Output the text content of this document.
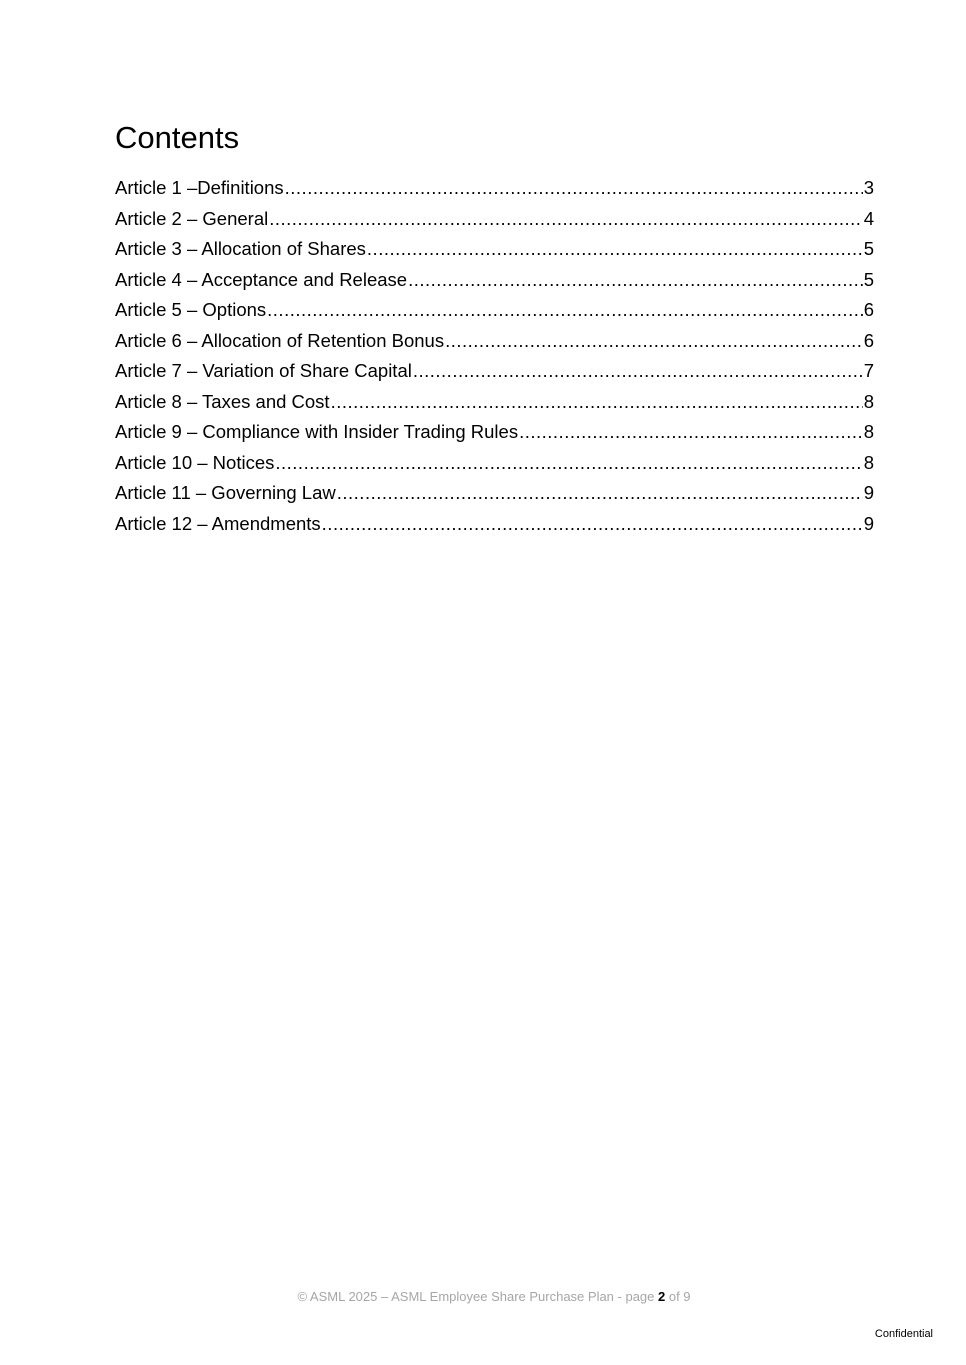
Contents
Article 1 –Definitions .....	3
Article 2 – General .....	4
Article 3 – Allocation of Shares .....	5
Article 4 – Acceptance and Release .....	5
Article 5 – Options .....	6
Article 6 – Allocation of Retention Bonus .....	6
Article 7 – Variation of Share Capital .....	7
Article 8 – Taxes and Cost .....	8
Article 9 – Compliance with Insider Trading Rules .....	8
Article 10 – Notices .....	8
Article 11 – Governing Law .....	9
Article 12 – Amendments .....	9
© ASML 2025 – ASML Employee Share Purchase Plan - page 2 of 9
Confidential
